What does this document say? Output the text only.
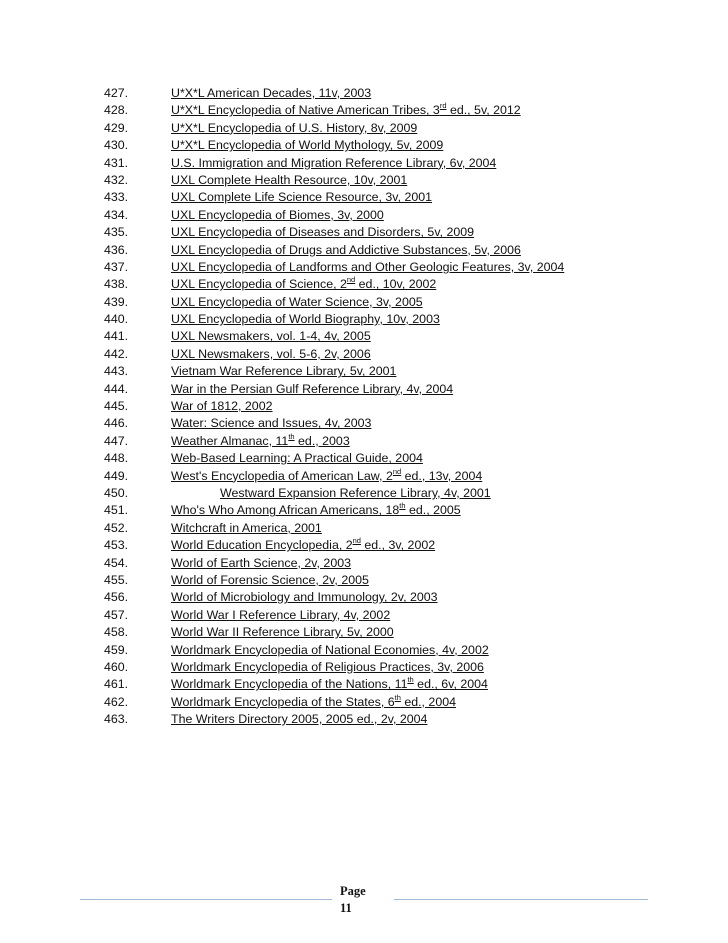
427.	U*X*L American Decades, 11v, 2003
428.	U*X*L Encyclopedia of Native American Tribes, 3rd ed., 5v, 2012
429.	U*X*L Encyclopedia of U.S. History, 8v, 2009
430.	U*X*L Encyclopedia of World Mythology, 5v, 2009
431.	U.S. Immigration and Migration Reference Library, 6v, 2004
432.	UXL Complete Health Resource, 10v, 2001
433.	UXL Complete Life Science Resource, 3v, 2001
434.	UXL Encyclopedia of Biomes, 3v, 2000
435.	UXL Encyclopedia of Diseases and Disorders, 5v, 2009
436.	UXL Encyclopedia of Drugs and Addictive Substances, 5v, 2006
437.	UXL Encyclopedia of Landforms and Other Geologic Features, 3v, 2004
438.	UXL Encyclopedia of Science, 2nd ed., 10v, 2002
439.	UXL Encyclopedia of Water Science, 3v, 2005
440.	UXL Encyclopedia of World Biography, 10v, 2003
441.	UXL Newsmakers, vol. 1-4, 4v, 2005
442.	UXL Newsmakers, vol. 5-6, 2v, 2006
443.	Vietnam War Reference Library, 5v, 2001
444.	War in the Persian Gulf Reference Library, 4v, 2004
445.	War of 1812, 2002
446.	Water: Science and Issues, 4v, 2003
447.	Weather Almanac, 11th ed., 2003
448.	Web-Based Learning: A Practical Guide, 2004
449.	West's Encyclopedia of American Law, 2nd ed., 13v, 2004
450.	Westward Expansion Reference Library, 4v, 2001
451.	Who's Who Among African Americans, 18th ed., 2005
452.	Witchcraft in America, 2001
453.	World Education Encyclopedia, 2nd ed., 3v, 2002
454.	World of Earth Science, 2v, 2003
455.	World of Forensic Science, 2v, 2005
456.	World of Microbiology and Immunology, 2v, 2003
457.	World War I Reference Library, 4v, 2002
458.	World War II Reference Library, 5v, 2000
459.	Worldmark Encyclopedia of National Economies, 4v, 2002
460.	Worldmark Encyclopedia of Religious Practices, 3v, 2006
461.	Worldmark Encyclopedia of the Nations, 11th ed., 6v, 2004
462.	Worldmark Encyclopedia of the States, 6th ed., 2004
463.	The Writers Directory 2005, 2005 ed., 2v, 2004
Page
11
